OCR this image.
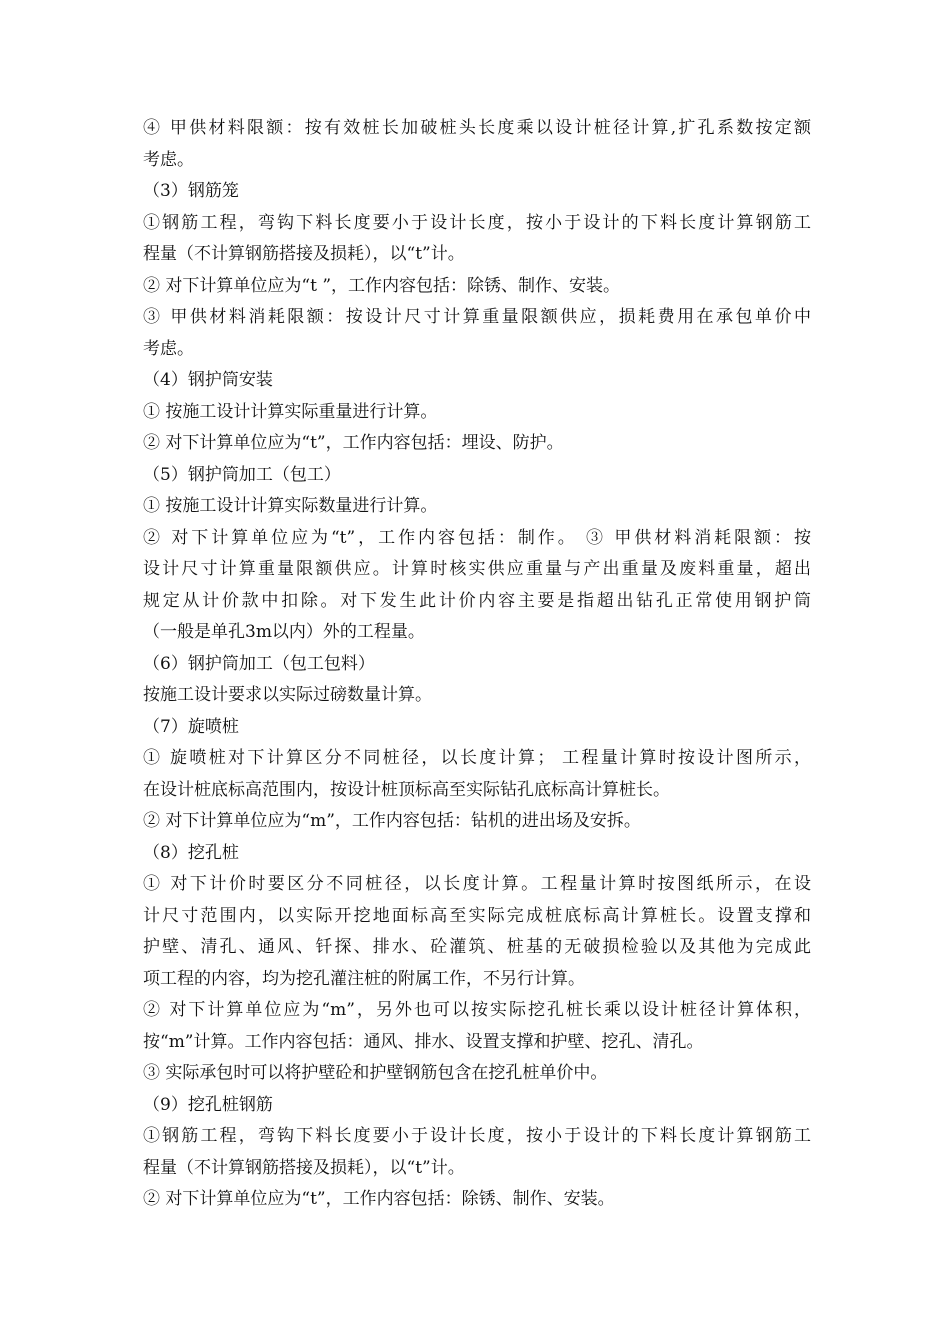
④ 甲供材料限额：按有效桩长加破桩头长度乘以设计桩径计算,扩孔系数按定额

考虑。

（3）钢筋笼

①钢筋工程，弯钩下料长度要小于设计长度，按小于设计的下料长度计算钢筋工

程量（不计算钢筋搭接及损耗），以“t”计。

② 对下计算单位应为“t ”，工作内容包括：除锈、制作、安装。

③ 甲供材料消耗限额：按设计尺寸计算重量限额供应，损耗费用在承包单价中

考虑。

（4）钢护筒安装

① 按施工设计计算实际重量进行计算。

② 对下计算单位应为“t”，工作内容包括：埋设、防护。

（5）钢护筒加工（包工）

① 按施工设计计算实际数量进行计算。

② 对下计算单位应为“t”，工作内容包括：制作。 ③ 甲供材料消耗限额：按

设计尺寸计算重量限额供应。计算时核实供应重量与产出重量及废料重量，超出

规定从计价款中扣除。对下发生此计价内容主要是指超出钻孔正常使用钢护筒

（一般是单孔3m以内）外的工程量。

（6）钢护筒加工（包工包料）

按施工设计要求以实际过磅数量计算。

（7）旋喷桩

① 旋喷桩对下计算区分不同桩径，以长度计算； 工程量计算时按设计图所示，

在设计桩底标高范围内，按设计桩顶标高至实际钻孔底标高计算桩长。

② 对下计算单位应为“m”，工作内容包括：钻机的进出场及安拆。

（8）挖孔桩

① 对下计价时要区分不同桩径，以长度计算。工程量计算时按图纸所示，在设

计尺寸范围内，以实际开挖地面标高至实际完成桩底标高计算桩长。设置支撑和

护壁、清孔、通风、钎探、排水、砼灌筑、桩基的无破损检验以及其他为完成此

项工程的内容，均为挖孔灌注桩的附属工作，不另行计算。

② 对下计算单位应为“m”，另外也可以按实际挖孔桩长乘以设计桩径计算体积，

按“m”计算。工作内容包括：通风、排水、设置支撑和护壁、挖孔、清孔。

③ 实际承包时可以将护壁砼和护壁钢筋包含在挖孔桩单价中。

（9）挖孔桩钢筋

①钢筋工程，弯钩下料长度要小于设计长度，按小于设计的下料长度计算钢筋工

程量（不计算钢筋搭接及损耗），以“t”计。

② 对下计算单位应为“t”，工作内容包括：除锈、制作、安装。
